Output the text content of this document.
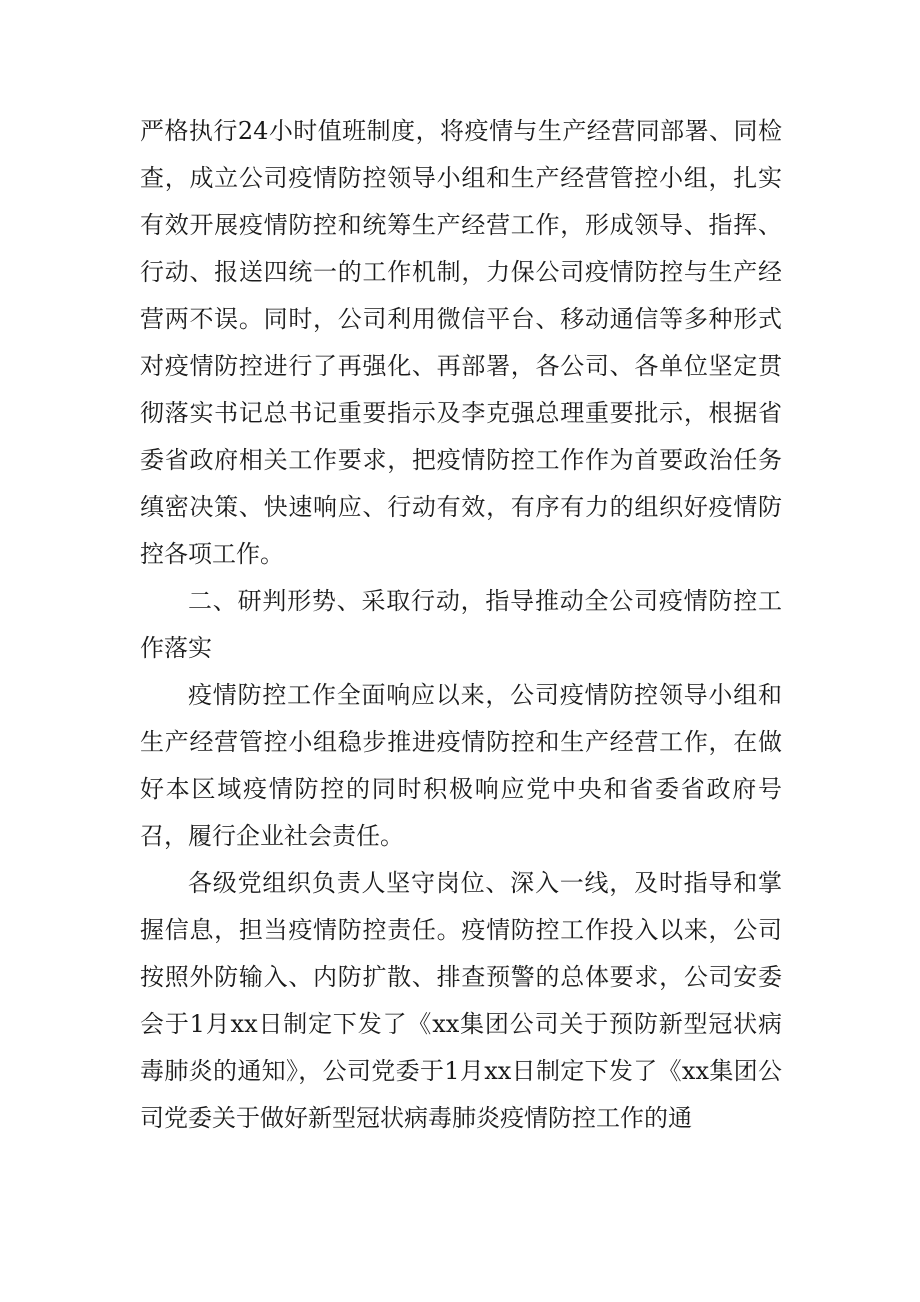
严格执行24小时值班制度，将疫情与生产经营同部署、同检查，成立公司疫情防控领导小组和生产经营管控小组，扎实有效开展疫情防控和统筹生产经营工作，形成领导、指挥、行动、报送四统一的工作机制，力保公司疫情防控与生产经营两不误。同时，公司利用微信平台、移动通信等多种形式对疫情防控进行了再强化、再部署，各公司、各单位坚定贯彻落实书记总书记重要指示及李克强总理重要批示，根据省委省政府相关工作要求，把疫情防控工作作为首要政治任务缜密决策、快速响应、行动有效，有序有力的组织好疫情防控各项工作。

二、研判形势、采取行动，指导推动全公司疫情防控工作落实

疫情防控工作全面响应以来，公司疫情防控领导小组和生产经营管控小组稳步推进疫情防控和生产经营工作，在做好本区域疫情防控的同时积极响应党中央和省委省政府号召，履行企业社会责任。

各级党组织负责人坚守岗位、深入一线，及时指导和掌握信息，担当疫情防控责任。疫情防控工作投入以来，公司按照外防输入、内防扩散、排查预警的总体要求，公司安委会于1月xx日制定下发了《xx集团公司关于预防新型冠状病毒肺炎的通知》，公司党委于1月xx日制定下发了《xx集团公司党委关于做好新型冠状病毒肺炎疫情防控工作的通
